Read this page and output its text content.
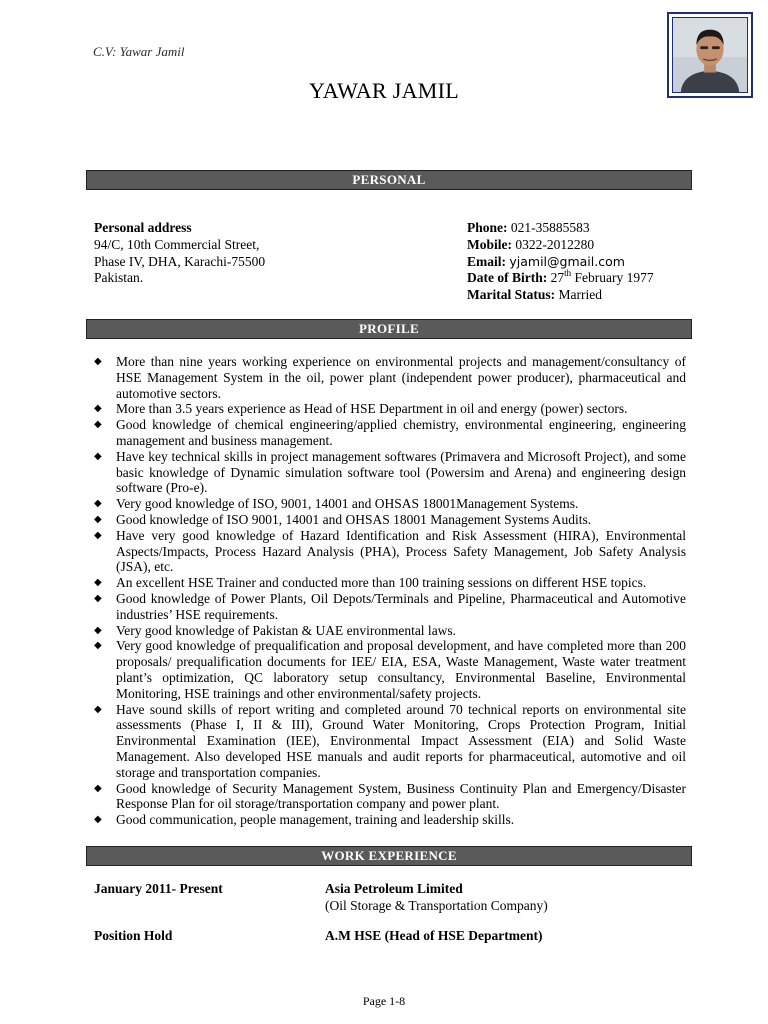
C.V: Yawar Jamil
YAWAR JAMIL
PERSONAL
Personal address
94/C, 10th Commercial Street,
Phase IV, DHA, Karachi-75500
Pakistan.
Phone: 021-35885583
Mobile: 0322-2012280
Email: yjamil@gmail.com
Date of Birth: 27th February 1977
Marital Status: Married
PROFILE
◆ More than nine years working experience on environmental projects and management/consultancy of HSE Management System in the oil, power plant (independent power producer), pharmaceutical and automotive sectors.
◆ More than 3.5 years experience as Head of HSE Department in oil and energy (power) sectors.
◆ Good knowledge of chemical engineering/applied chemistry, environmental engineering, engineering management and business management.
◆ Have key technical skills in project management softwares (Primavera and Microsoft Project), and some basic knowledge of Dynamic simulation software tool (Powersim and Arena) and engineering design software (Pro-e).
◆ Very good knowledge of ISO, 9001, 14001 and OHSAS 18001Management Systems.
◆ Good knowledge of ISO 9001, 14001 and OHSAS 18001 Management Systems Audits.
◆ Have very good knowledge of Hazard Identification and Risk Assessment (HIRA), Environmental Aspects/Impacts, Process Hazard Analysis (PHA), Process Safety Management, Job Safety Analysis (JSA), etc.
◆ An excellent HSE Trainer and conducted more than 100 training sessions on different HSE topics.
◆ Good knowledge of Power Plants, Oil Depots/Terminals and Pipeline, Pharmaceutical and Automotive industries’ HSE requirements.
◆ Very good knowledge of Pakistan & UAE environmental laws.
◆ Very good knowledge of prequalification and proposal development, and have completed more than 200 proposals/ prequalification documents for IEE/ EIA, ESA, Waste Management, Waste water treatment plant’s optimization, QC laboratory setup consultancy, Environmental Baseline, Environmental Monitoring, HSE trainings and other environmental/safety projects.
◆ Have sound skills of report writing and completed around 70 technical reports on environmental site assessments (Phase I, II & III), Ground Water Monitoring, Crops Protection Program, Initial Environmental Examination (IEE), Environmental Impact Assessment (EIA) and Solid Waste Management. Also developed HSE manuals and audit reports for pharmaceutical, automotive and oil storage and transportation companies.
◆ Good knowledge of Security Management System, Business Continuity Plan and Emergency/Disaster Response Plan for oil storage/transportation company and power plant.
◆ Good communication, people management, training and leadership skills.
WORK EXPERIENCE
January 2011- Present	Asia Petroleum Limited
(Oil Storage & Transportation Company)
Position Hold	A.M HSE (Head of HSE Department)
Page 1-8
